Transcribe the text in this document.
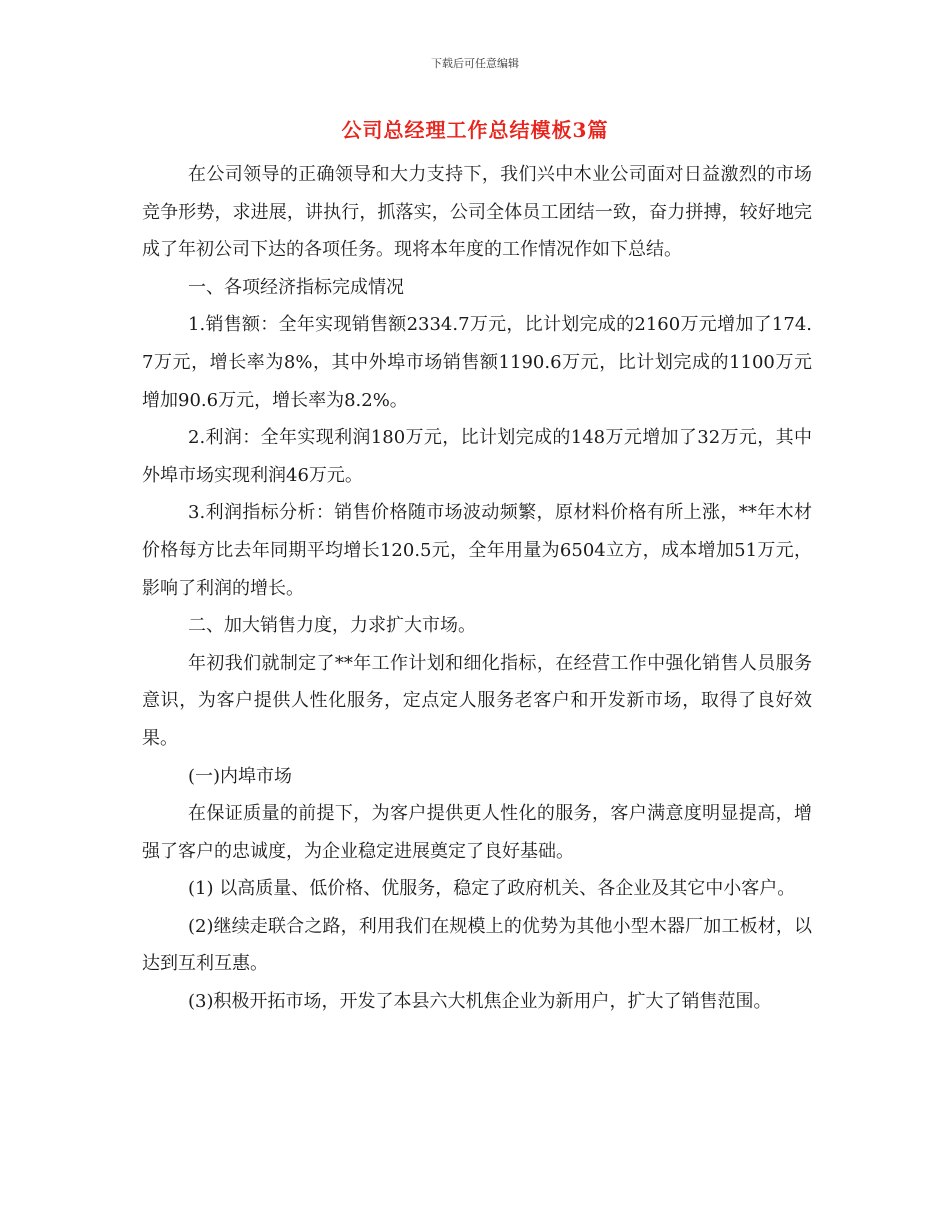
下载后可任意编辑
公司总经理工作总结模板3篇

在公司领导的正确领导和大力支持下，我们兴中木业公司面对日益激烈的市场竞争形势，求进展，讲执行，抓落实，公司全体员工团结一致，奋力拼搏，较好地完成了年初公司下达的各项任务。现将本年度的工作情况作如下总结。

一、各项经济指标完成情况

1.销售额：全年实现销售额2334.7万元，比计划完成的2160万元增加了174.7万元，增长率为8%，其中外埠市场销售额1190.6万元，比计划完成的1100万元增加90.6万元，增长率为8.2%。

2.利润：全年实现利润180万元，比计划完成的148万元增加了32万元，其中外埠市场实现利润46万元。

3.利润指标分析：销售价格随市场波动频繁，原材料价格有所上涨，**年木材价格每方比去年同期平均增长120.5元，全年用量为6504立方，成本增加51万元，影响了利润的增长。

二、加大销售力度，力求扩大市场。

年初我们就制定了**年工作计划和细化指标，在经营工作中强化销售人员服务意识，为客户提供人性化服务，定点定人服务老客户和开发新市场，取得了良好效果。

(一)内埠市场

在保证质量的前提下，为客户提供更人性化的服务，客户满意度明显提高，增强了客户的忠诚度，为企业稳定进展奠定了良好基础。

(1) 以高质量、低价格、优服务，稳定了政府机关、各企业及其它中小客户。

(2)继续走联合之路，利用我们在规模上的优势为其他小型木器厂加工板材，以达到互利互惠。

(3)积极开拓市场，开发了本县六大机焦企业为新用户，扩大了销售范围。
